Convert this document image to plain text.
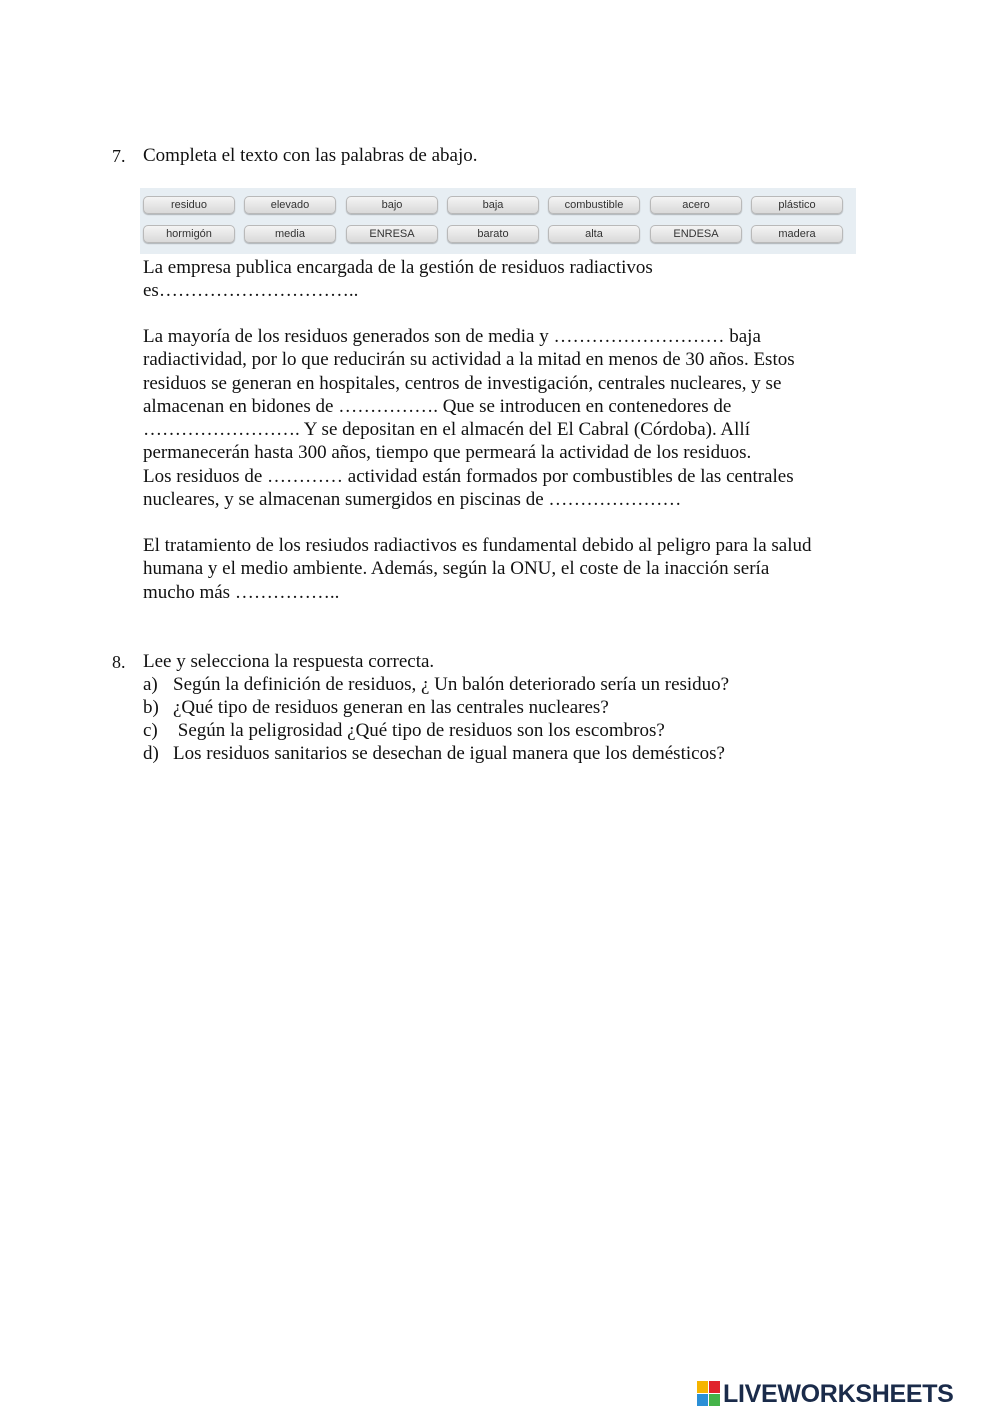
7. Completa el texto con las palabras de abajo.
residuo	elevado	bajo	baja	combustible	acero	plástico
hormigón	media	ENRESA	barato	alta	ENDESA	madera

La empresa publica encargada de la gestión de residuos radiactivos

es…………………………..

La mayoría de los residuos generados son de media y ……………………… baja

radiactividad, por lo que reducirán su actividad a la mitad en menos de 30 años. Estos

residuos se generan en hospitales, centros de investigación, centrales nucleares, y se

almacenan en bidones de ……………. Que se introducen en contenedores de

……………………. Y se depositan en el almacén del El Cabral (Córdoba). Allí

permanecerán hasta 300 años, tiempo que permeará la actividad de los residuos.

Los residuos de ………… actividad están formados por combustibles de las centrales

nucleares, y se almacenan sumergidos en piscinas de …………………

El tratamiento de los resiudos radiactivos es fundamental debido al peligro para la salud

humana y el medio ambiente. Además, según la ONU, el coste de la inacción sería

mucho más ……………..

8. Lee y selecciona la respuesta correcta.
a) Según la definición de residuos, ¿ Un balón deteriorado sería un residuo?
b) ¿Qué tipo de residuos generan en las centrales nucleares?
c) Según la peligrosidad ¿Qué tipo de residuos son los escombros?
d) Los residuos sanitarios se desechan de igual manera que los demésticos?
LIVEWORKSHEETS
